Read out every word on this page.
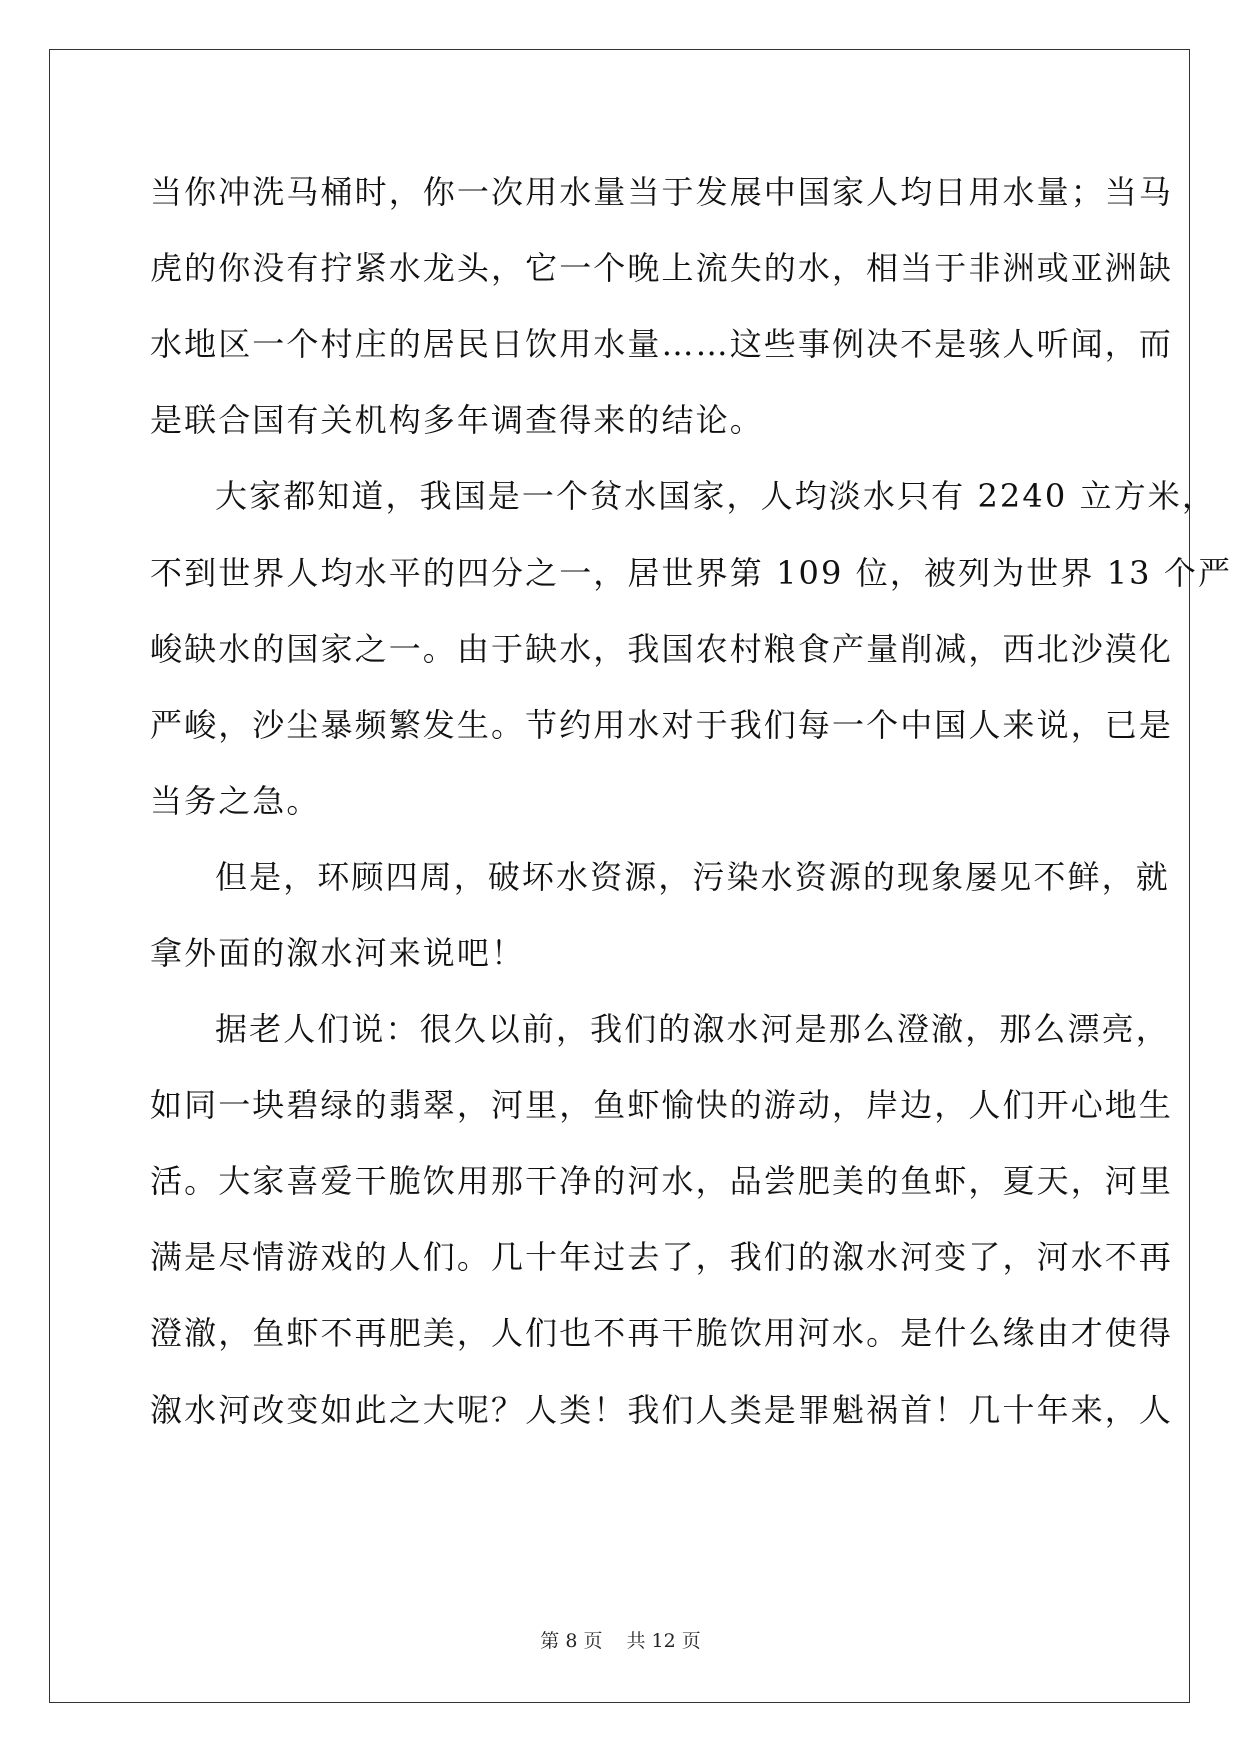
当你冲洗马桶时，你一次用水量当于发展中国家人均日用水量；当马
虎的你没有拧紧水龙头，它一个晚上流失的水，相当于非洲或亚洲缺
水地区一个村庄的居民日饮用水量……这些事例决不是骇人听闻，而
是联合国有关机构多年调查得来的结论。
大家都知道，我国是一个贫水国家，人均淡水只有 2240 立方米，
不到世界人均水平的四分之一，居世界第 109 位，被列为世界 13 个严
峻缺水的国家之一。由于缺水，我国农村粮食产量削减，西北沙漠化
严峻，沙尘暴频繁发生。节约用水对于我们每一个中国人来说，已是
当务之急。
但是，环顾四周，破坏水资源，污染水资源的现象屡见不鲜，就
拿外面的溆水河来说吧！
据老人们说：很久以前，我们的溆水河是那么澄澈，那么漂亮，
如同一块碧绿的翡翠，河里，鱼虾愉快的游动，岸边，人们开心地生
活。大家喜爱干脆饮用那干净的河水，品尝肥美的鱼虾，夏天，河里
满是尽情游戏的人们。几十年过去了，我们的溆水河变了，河水不再
澄澈，鱼虾不再肥美，人们也不再干脆饮用河水。是什么缘由才使得
溆水河改变如此之大呢？人类！我们人类是罪魁祸首！几十年来，人
第 8 页 共 12 页
